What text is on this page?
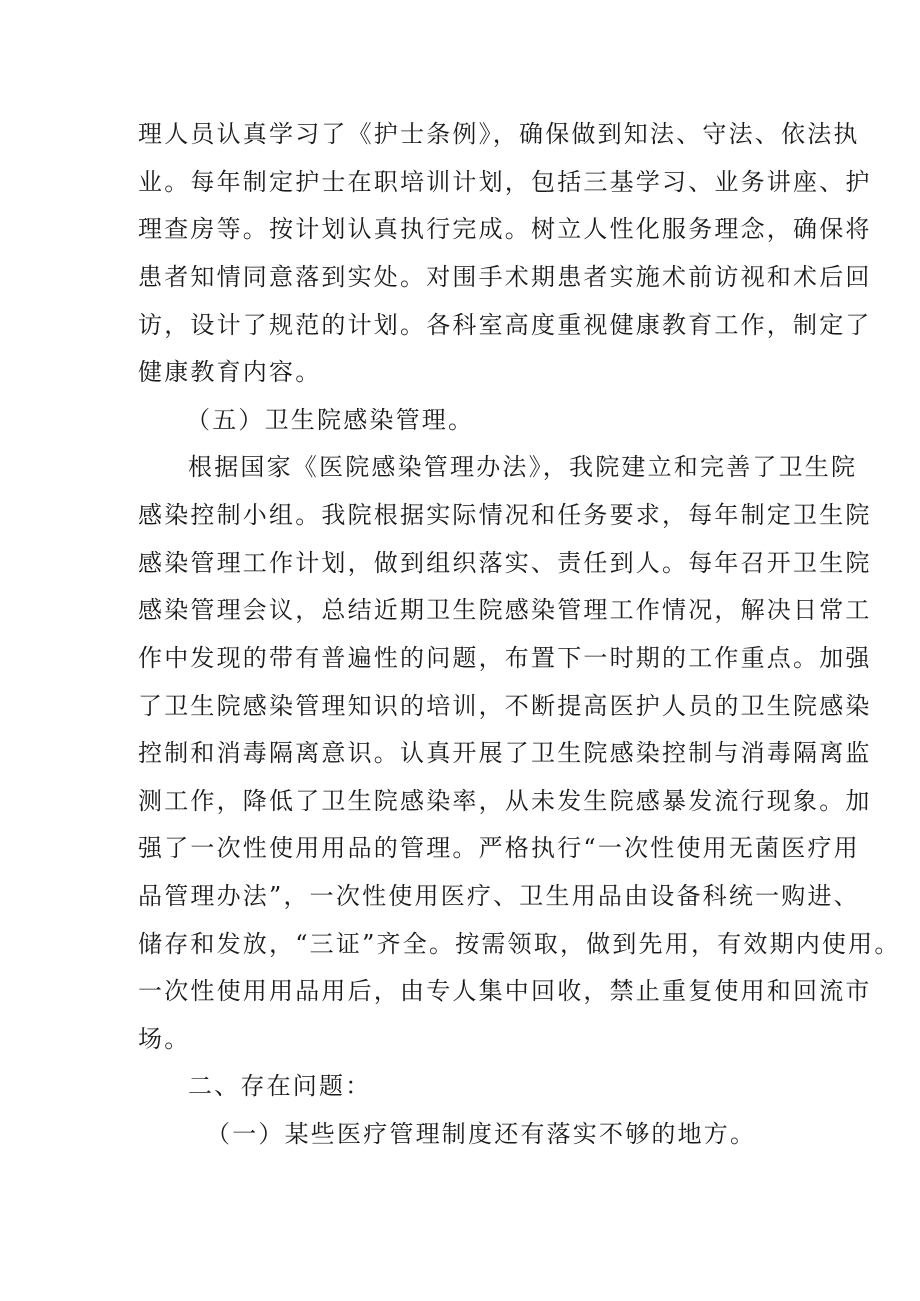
理人员认真学习了《护士条例》，确保做到知法、守法、依法执
业。每年制定护士在职培训计划，包括三基学习、业务讲座、护
理查房等。按计划认真执行完成。树立人性化服务理念，确保将
患者知情同意落到实处。对围手术期患者实施术前访视和术后回
访，设计了规范的计划。各科室高度重视健康教育工作，制定了
健康教育内容。
（五）卫生院感染管理。
根据国家《医院感染管理办法》，我院建立和完善了卫生院
感染控制小组。我院根据实际情况和任务要求，每年制定卫生院
感染管理工作计划，做到组织落实、责任到人。每年召开卫生院
感染管理会议，总结近期卫生院感染管理工作情况，解决日常工
作中发现的带有普遍性的问题，布置下一时期的工作重点。加强
了卫生院感染管理知识的培训，不断提高医护人员的卫生院感染
控制和消毒隔离意识。认真开展了卫生院感染控制与消毒隔离监
测工作，降低了卫生院感染率，从未发生院感暴发流行现象。加
强了一次性使用用品的管理。严格执行“一次性使用无菌医疗用
品管理办法”，一次性使用医疗、卫生用品由设备科统一购进、
储存和发放，“三证”齐全。按需领取，做到先用，有效期内使用。
一次性使用用品用后，由专人集中回收，禁止重复使用和回流市
场。
二、存在问题：
（一）某些医疗管理制度还有落实不够的地方。
